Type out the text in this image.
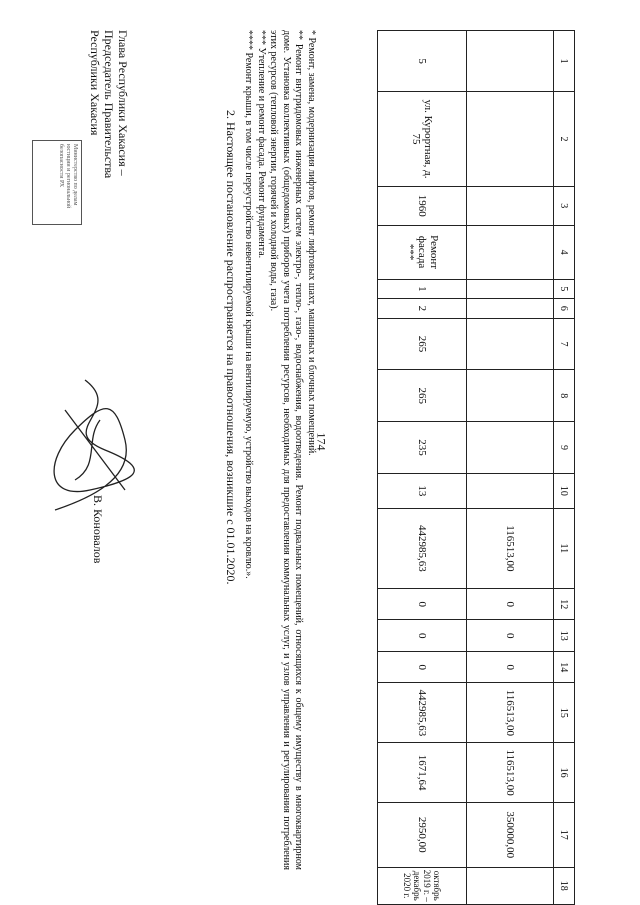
174
1	2	3	4	5	6	7	8	9	10	11	12	13	14	15	16	17	18
										116513,00	0	0	0	116513,00	116513,00	350000,00	
5	ул. Курортная, д. 75	1960	Ремонт фасада ***	1	2	265	265	235	13	442985,63	0	0	0	442985,63	1671,64	2950,00	октябрь 2019 г. – декабрь 2020 г.

* Ремонт, замена, модернизация лифтов, ремонт лифтовых шахт, машинных и блочных помещений.

** Ремонт внутридомовых инженерных систем электро-, тепло-, газо-, водоснабжения, водоотведения. Ремонт подвальных помещений, относящихся к общему имуществу в многоквартирном доме. Установка коллективных (общедомовых) приборов учета потребления ресурсов, необходимых для предоставления коммунальных услуг, и узлов управления и регулирования потребления этих ресурсов (тепловой энергии, горячей и холодной воды, газа).

*** Утепление и ремонт фасада. Ремонт фундамента.

**** Ремонт крыши, в том числе переустройство невентилируемой крыши на вентилируемую, устройство выходов на кровлю.».

2. Настоящее постановление распространяется на правоотношения, возникшие с 01.01.2020.
Глава Республики Хакасия –
Председатель Правительства
Республики Хакасия
В. Коновалов
Министерство по делам
юстиции и региональной
безопасности РХ
